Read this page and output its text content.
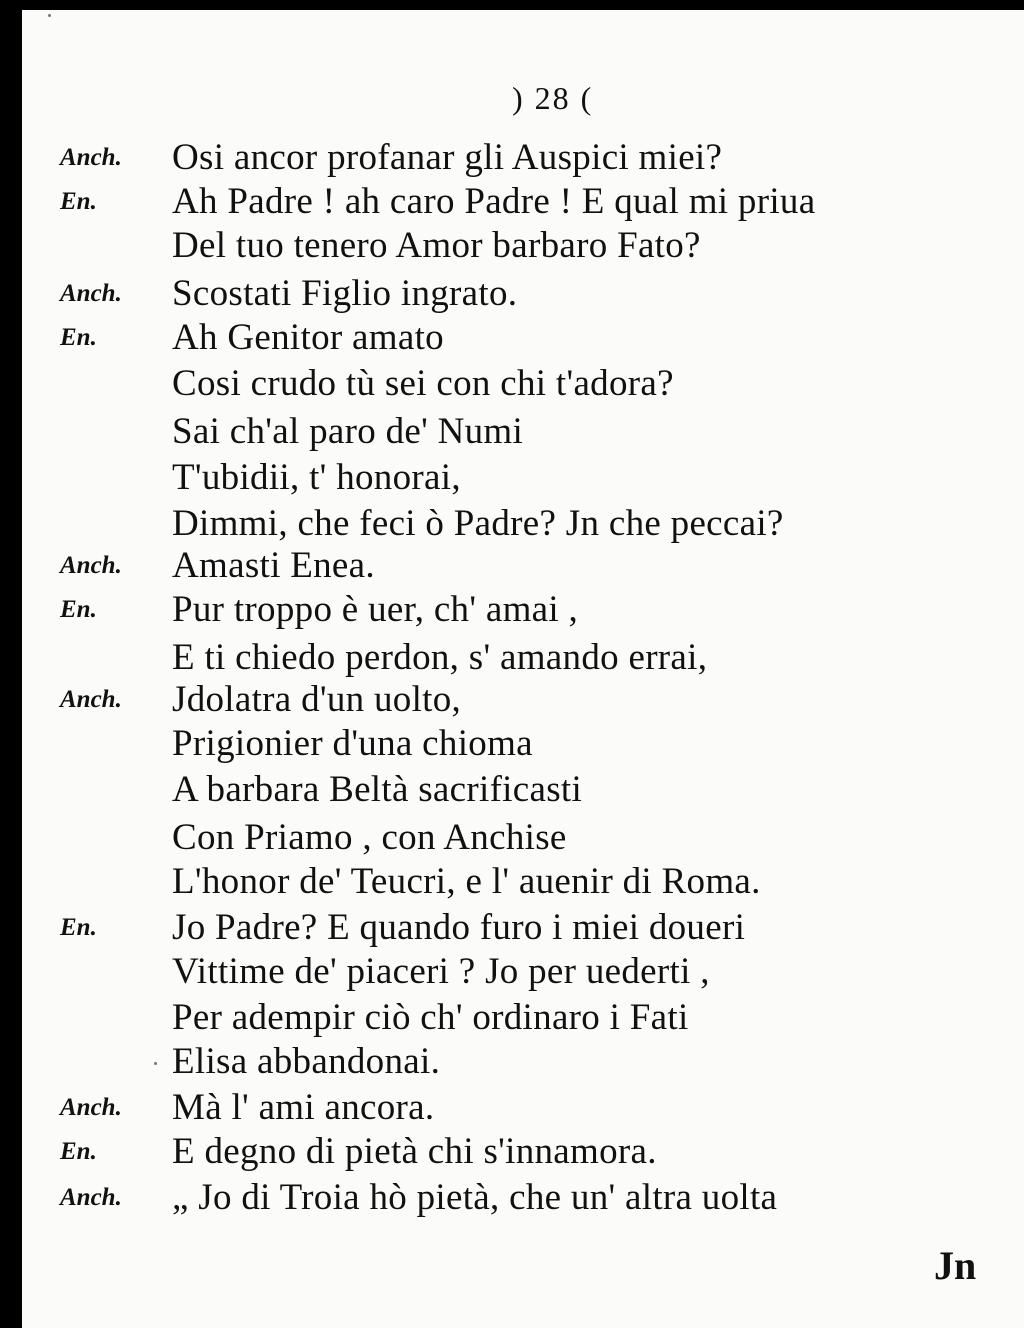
) 28 (
Anch. Osi ancor profanar gli Auspici miei?
En. Ah Padre ! ah caro Padre ! E qual mi priua
Del tuo tenero Amor barbaro Fato?
Anch. Scostati Figlio ingrato.
En. Ah Genitor amato
Cosi crudo tù sei con chi t'adora?
Sai ch'al paro de' Numi
T'ubidii, t' honorai,
Dimmi, che feci ò Padre? Jn che peccai?
Anch. Amasti Enea.
En. Pur troppo è uer, ch' amai ,
E ti chiedo perdon, s' amando errai,
Anch. Jdolatra d'un uolto,
Prigionier d'una chioma
A barbara Beltà sacrificasti
Con Priamo , con Anchise
L'honor de' Teucri, e l' auenir di Roma.
En. Jo Padre? E quando furo i miei doueri
Vittime de' piaceri ? Jo per uederti ,
Per adempir ciò ch' ordinaro i Fati
Elisa abbandonai.
Anch. Mà l' ami ancora.
En. E degno di pietà chi s'innamora.
Anch. „ Jo di Troia hò pietà, che un' altra uolta
Jn
